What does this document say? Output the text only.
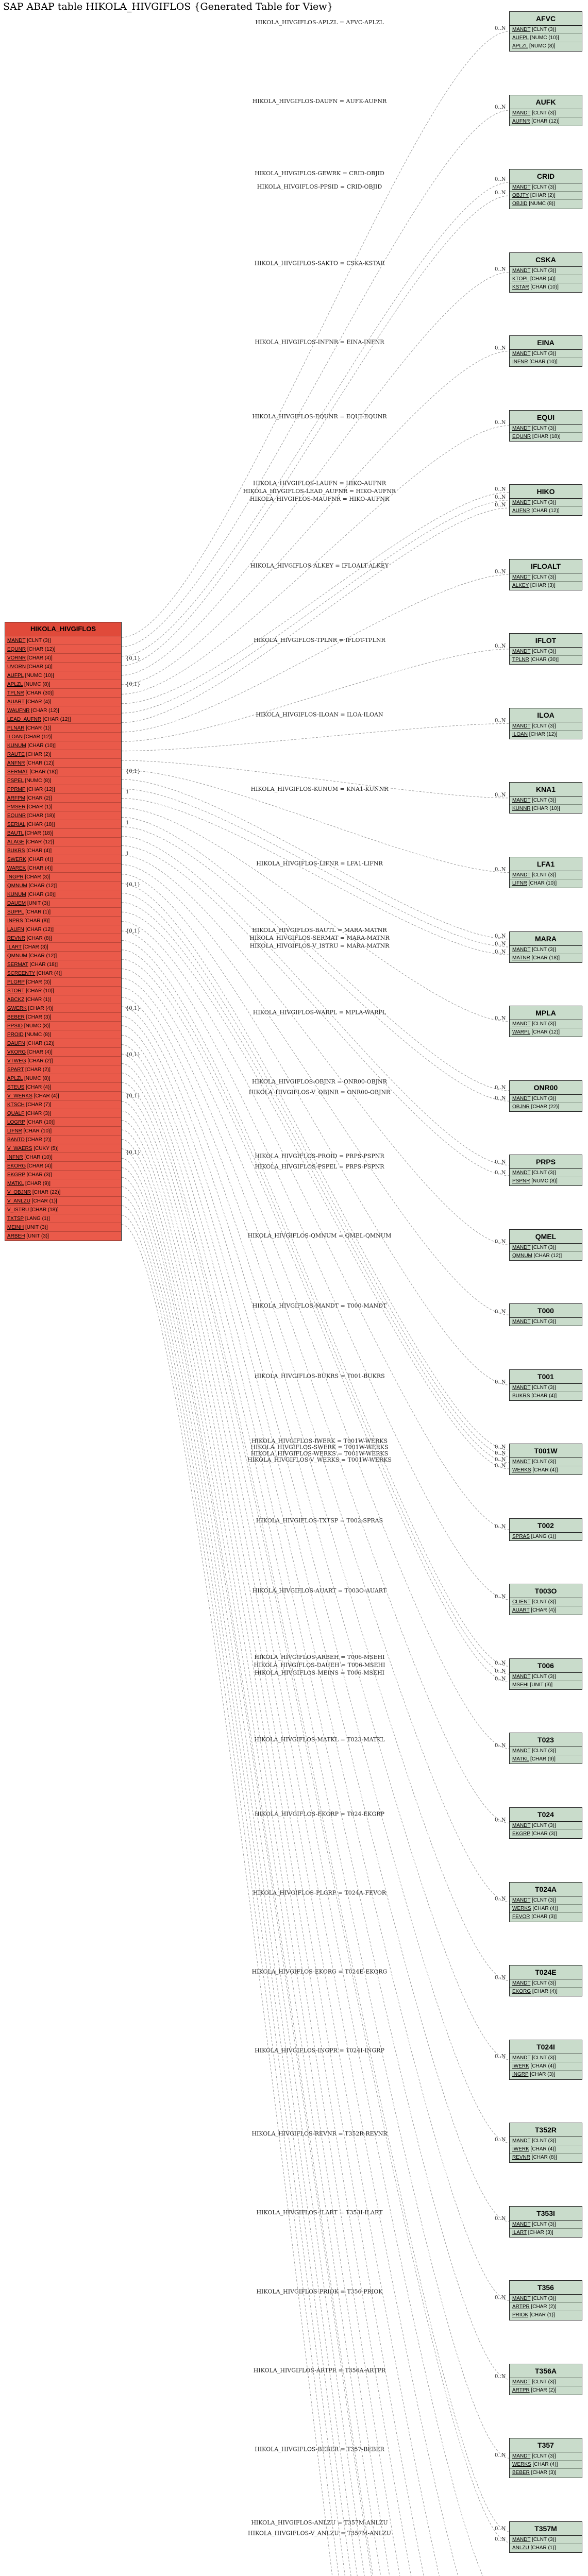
SAP ABAP table HIKOLA_HIVGIFLOS {Generated Table for View}
HIKOLA_HIVGIFLOS-APLZL = AFVC-APLZL
0..N
HIKOLA_HIVGIFLOS-DAUFN = AUFK-AUFNR
0..N
HIKOLA_HIVGIFLOS-GEWRK = CRID-OBJID
0..N
HIKOLA_HIVGIFLOS-PPSID = CRID-OBJID
0..N
HIKOLA_HIVGIFLOS-SAKTO = CSKA-KSTAR
0..N
HIKOLA_HIVGIFLOS-INFNR = EINA-INFNR
0..N
HIKOLA_HIVGIFLOS-EQUNR = EQUI-EQUNR
0..N
HIKOLA_HIVGIFLOS-LAUFN = HIKO-AUFNR
0..N
HIKOLA_HIVGIFLOS-LEAD_AUFNR = HIKO-AUFNR
0..N
HIKOLA_HIVGIFLOS-MAUFNR = HIKO-AUFNR
0..N
HIKOLA_HIVGIFLOS-ALKEY = IFLOALT-ALKEY
0..N
HIKOLA_HIVGIFLOS-TPLNR = IFLOT-TPLNR
0..N
HIKOLA_HIVGIFLOS-ILOAN = ILOA-ILOAN
0..N
HIKOLA_HIVGIFLOS-KUNUM = KNA1-KUNNR
0..N
HIKOLA_HIVGIFLOS-LIFNR = LFA1-LIFNR
0..N
HIKOLA_HIVGIFLOS-BAUTL = MARA-MATNR
0..N
HIKOLA_HIVGIFLOS-SERMAT = MARA-MATNR
0..N
HIKOLA_HIVGIFLOS-V_ISTRU = MARA-MATNR
0..N
HIKOLA_HIVGIFLOS-WARPL = MPLA-WARPL
0..N
HIKOLA_HIVGIFLOS-OBJNR = ONR00-OBJNR
0..N
HIKOLA_HIVGIFLOS-V_OBJNR = ONR00-OBJNR
0..N
HIKOLA_HIVGIFLOS-PROID = PRPS-PSPNR
0..N
HIKOLA_HIVGIFLOS-PSPEL = PRPS-PSPNR
0..N
HIKOLA_HIVGIFLOS-QMNUM = QMEL-QMNUM
0..N
HIKOLA_HIVGIFLOS-MANDT = T000-MANDT
0..N
HIKOLA_HIVGIFLOS-BUKRS = T001-BUKRS
0..N
HIKOLA_HIVGIFLOS-IWERK = T001W-WERKS
0..N
HIKOLA_HIVGIFLOS-SWERK = T001W-WERKS
0..N
HIKOLA_HIVGIFLOS-WERKS = T001W-WERKS
0..N
HIKOLA_HIVGIFLOS-V_WERKS = T001W-WERKS
0..N
HIKOLA_HIVGIFLOS-TXTSP = T002-SPRAS
0..N
HIKOLA_HIVGIFLOS-AUART = T003O-AUART
0..N
HIKOLA_HIVGIFLOS-ARBEH = T006-MSEHI
0..N
HIKOLA_HIVGIFLOS-DAUEH = T006-MSEHI
0..N
HIKOLA_HIVGIFLOS-MEINS = T006-MSEHI
0..N
HIKOLA_HIVGIFLOS-MATKL = T023-MATKL
0..N
HIKOLA_HIVGIFLOS-EKGRP = T024-EKGRP
0..N
HIKOLA_HIVGIFLOS-PLGRP = T024A-FEVOR
0..N
HIKOLA_HIVGIFLOS-EKORG = T024E-EKORG
0..N
HIKOLA_HIVGIFLOS-INGPR = T024I-INGRP
0..N
HIKOLA_HIVGIFLOS-REVNR = T352R-REVNR
0..N
HIKOLA_HIVGIFLOS-ILART = T353I-ILART
0..N
HIKOLA_HIVGIFLOS-PRIOK = T356-PRIOK
0..N
HIKOLA_HIVGIFLOS-ARTPR = T356A-ARTPR
0..N
HIKOLA_HIVGIFLOS-BEBER = T357-BEBER
0..N
HIKOLA_HIVGIFLOS-ANLZU = T357M-ANLZU
0..N
HIKOLA_HIVGIFLOS-V_ANLZU = T357M-ANLZU
0..N
{0,1}
{0,1}
{0,1}
1
1
1
{0,1}
{0,1}
{0,1}
{0,1}
{0,1}
{0,1}
HIKOLA_HIVGIFLOS
MANDT [CLNT (3)]
EQUNR [CHAR (12)]
VORNR [CHAR (4)]
UVORN [CHAR (4)]
AUFPL [NUMC (10)]
APLZL [NUMC (8)]
TPLNR [CHAR (30)]
AUART [CHAR (4)]
WAUFNR [CHAR (12)]
LEAD_AUFNR [CHAR (12)]
PLNAR [CHAR (1)]
ILOAN [CHAR (12)]
KUNUM [CHAR (10)]
RAUTE [CHAR (2)]
ANFNR [CHAR (12)]
SERMAT [CHAR (18)]
PSPEL [NUMC (8)]
PPRMP [CHAR (12)]
ARFPM [CHAR (2)]
PMSER [CHAR (1)]
EQUNR [CHAR (18)]
SERIAL [CHAR (18)]
BAUTL [CHAR (18)]
ALAGE [CHAR (12)]
BUKRS [CHAR (4)]
SWERK [CHAR (4)]
WAREK [CHAR (4)]
INGPR [CHAR (3)]
QMNUM [CHAR (12)]
KUNUM [CHAR (10)]
DAUEM [UNIT (3)]
SUPPL [CHAR (1)]
INPRS [CHAR (8)]
LAUFN [CHAR (12)]
REVNR [CHAR (8)]
ILART [CHAR (3)]
QMNUM [CHAR (12)]
SERMAT [CHAR (18)]
SCREENTY [CHAR (4)]
PLGRP [CHAR (3)]
STORT [CHAR (10)]
ABCKZ [CHAR (1)]
GWERK [CHAR (4)]
BEBER [CHAR (3)]
PPSID [NUMC (8)]
PROID [NUMC (8)]
DAUFN [CHAR (12)]
VKORG [CHAR (4)]
VTWEG [CHAR (2)]
SPART [CHAR (2)]
APLZL [NUMC (8)]
STEUS [CHAR (4)]
V_WERKS [CHAR (4)]
KTSCH [CHAR (7)]
QUALF [CHAR (3)]
LOGRP [CHAR (10)]
LIFNR [CHAR (10)]
BANTD [CHAR (2)]
V_WAERS [CUKY (5)]
INFNR [CHAR (10)]
EKORG [CHAR (4)]
EKGRP [CHAR (3)]
MATKL [CHAR (9)]
V_OBJNR [CHAR (22)]
V_ANLZU [CHAR (1)]
V_ISTRU [CHAR (18)]
TXTSP [LANG (1)]
MEINH [UNIT (3)]
ARBEH [UNIT (3)]
AFVC
MANDT [CLNT (3)]
AUFPL [NUMC (10)]
APLZL [NUMC (8)]
AUFK
MANDT [CLNT (3)]
AUFNR [CHAR (12)]
CRID
MANDT [CLNT (3)]
OBJTY [CHAR (2)]
OBJID [NUMC (8)]
CSKA
MANDT [CLNT (3)]
KTOPL [CHAR (4)]
KSTAR [CHAR (10)]
EINA
MANDT [CLNT (3)]
INFNR [CHAR (10)]
EQUI
MANDT [CLNT (3)]
EQUNR [CHAR (18)]
HIKO
MANDT [CLNT (3)]
AUFNR [CHAR (12)]
IFLOALT
MANDT [CLNT (3)]
ALKEY [CHAR (3)]
IFLOT
MANDT [CLNT (3)]
TPLNR [CHAR (30)]
ILOA
MANDT [CLNT (3)]
ILOAN [CHAR (12)]
KNA1
MANDT [CLNT (3)]
KUNNR [CHAR (10)]
LFA1
MANDT [CLNT (3)]
LIFNR [CHAR (10)]
MARA
MANDT [CLNT (3)]
MATNR [CHAR (18)]
MPLA
MANDT [CLNT (3)]
WARPL [CHAR (12)]
ONR00
MANDT [CLNT (3)]
OBJNR [CHAR (22)]
PRPS
MANDT [CLNT (3)]
PSPNR [NUMC (8)]
QMEL
MANDT [CLNT (3)]
QMNUM [CHAR (12)]
T000
MANDT [CLNT (3)]
T001
MANDT [CLNT (3)]
BUKRS [CHAR (4)]
T001W
MANDT [CLNT (3)]
WERKS [CHAR (4)]
T002
SPRAS [LANG (1)]
T003O
CLIENT [CLNT (3)]
AUART [CHAR (4)]
T006
MANDT [CLNT (3)]
MSEHI [UNIT (3)]
T023
MANDT [CLNT (3)]
MATKL [CHAR (9)]
T024
MANDT [CLNT (3)]
EKGRP [CHAR (3)]
T024A
MANDT [CLNT (3)]
WERKS [CHAR (4)]
FEVOR [CHAR (3)]
T024E
MANDT [CLNT (3)]
EKORG [CHAR (4)]
T024I
MANDT [CLNT (3)]
IWERK [CHAR (4)]
INGRP [CHAR (3)]
T352R
MANDT [CLNT (3)]
IWERK [CHAR (4)]
REVNR [CHAR (8)]
T353I
MANDT [CLNT (3)]
ILART [CHAR (3)]
T356
MANDT [CLNT (3)]
ARTPR [CHAR (2)]
PRIOK [CHAR (1)]
T356A
MANDT [CLNT (3)]
ARTPR [CHAR (2)]
T357
MANDT [CLNT (3)]
WERKS [CHAR (4)]
BEBER [CHAR (3)]
T357M
MANDT [CLNT (3)]
ANLZU [CHAR (1)]
